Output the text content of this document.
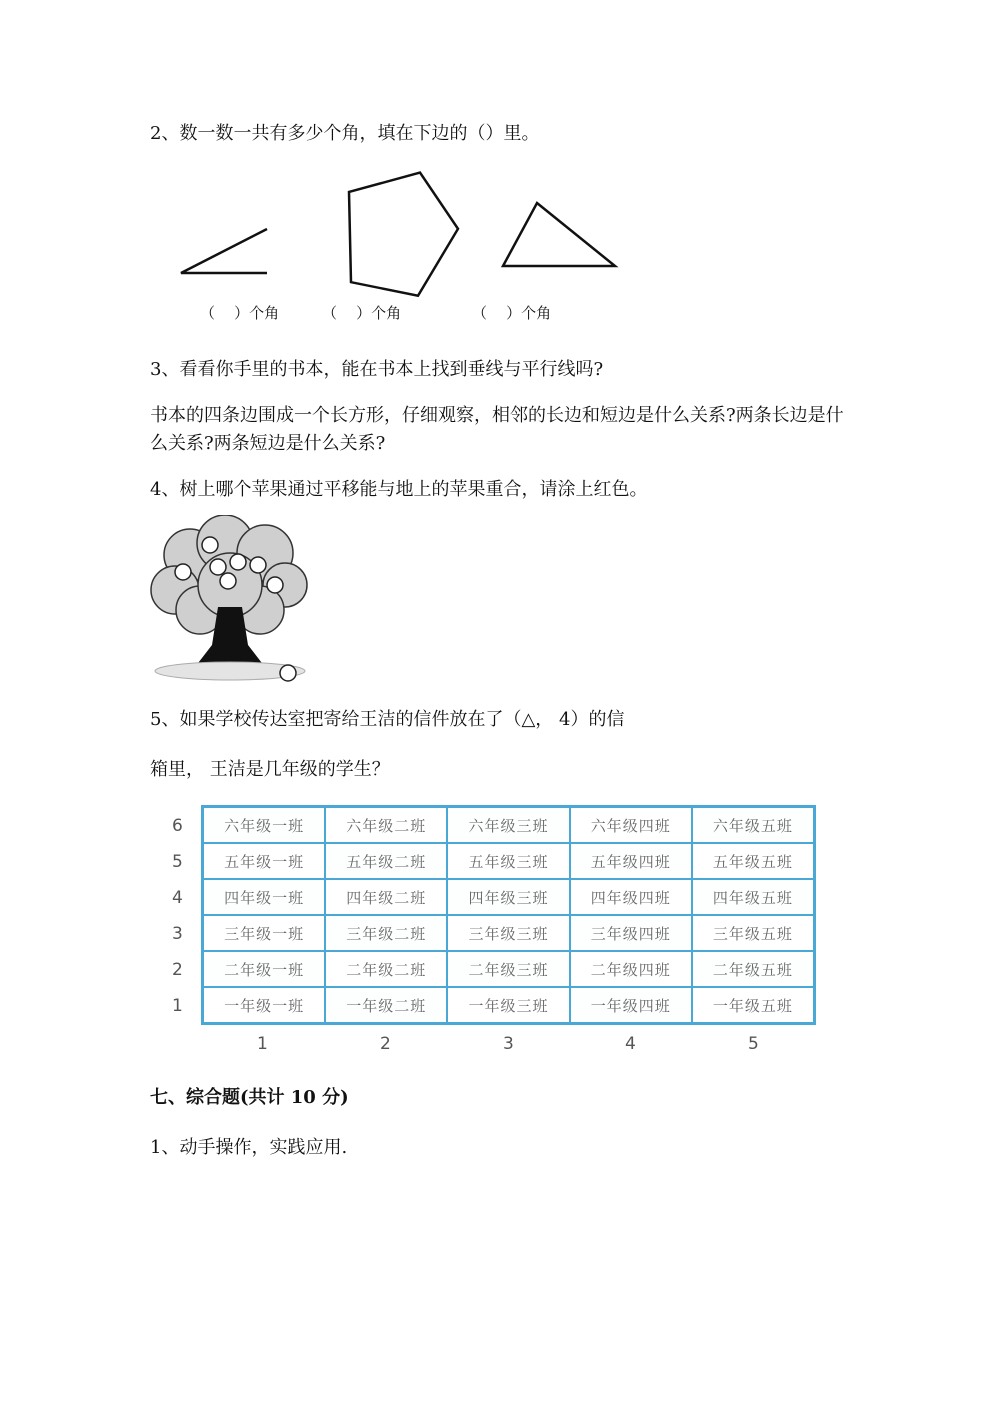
2、数一数一共有多少个角，填在下边的（）里。
（    ）个角	（    ）个角	（    ）个角
3、看看你手里的书本，能在书本上找到垂线与平行线吗?
书本的四条边围成一个长方形，仔细观察，相邻的长边和短边是什么关系?两条长边是什么关系?两条短边是什么关系?
4、树上哪个苹果通过平移能与地上的苹果重合，请涂上红色。
5、如果学校传达室把寄给王洁的信件放在了（△， 4）的信
箱里， 王洁是几年级的学生？
6
5
4
3
2
1
六年级一班	六年级二班	六年级三班	六年级四班	六年级五班
五年级一班	五年级二班	五年级三班	五年级四班	五年级五班
四年级一班	四年级二班	四年级三班	四年级四班	四年级五班
三年级一班	三年级二班	三年级三班	三年级四班	三年级五班
二年级一班	二年级二班	二年级三班	二年级四班	二年级五班
一年级一班	一年级二班	一年级三班	一年级四班	一年级五班
1	2	3	4	5
七、综合题(共计 10 分)
1、动手操作，实践应用.
